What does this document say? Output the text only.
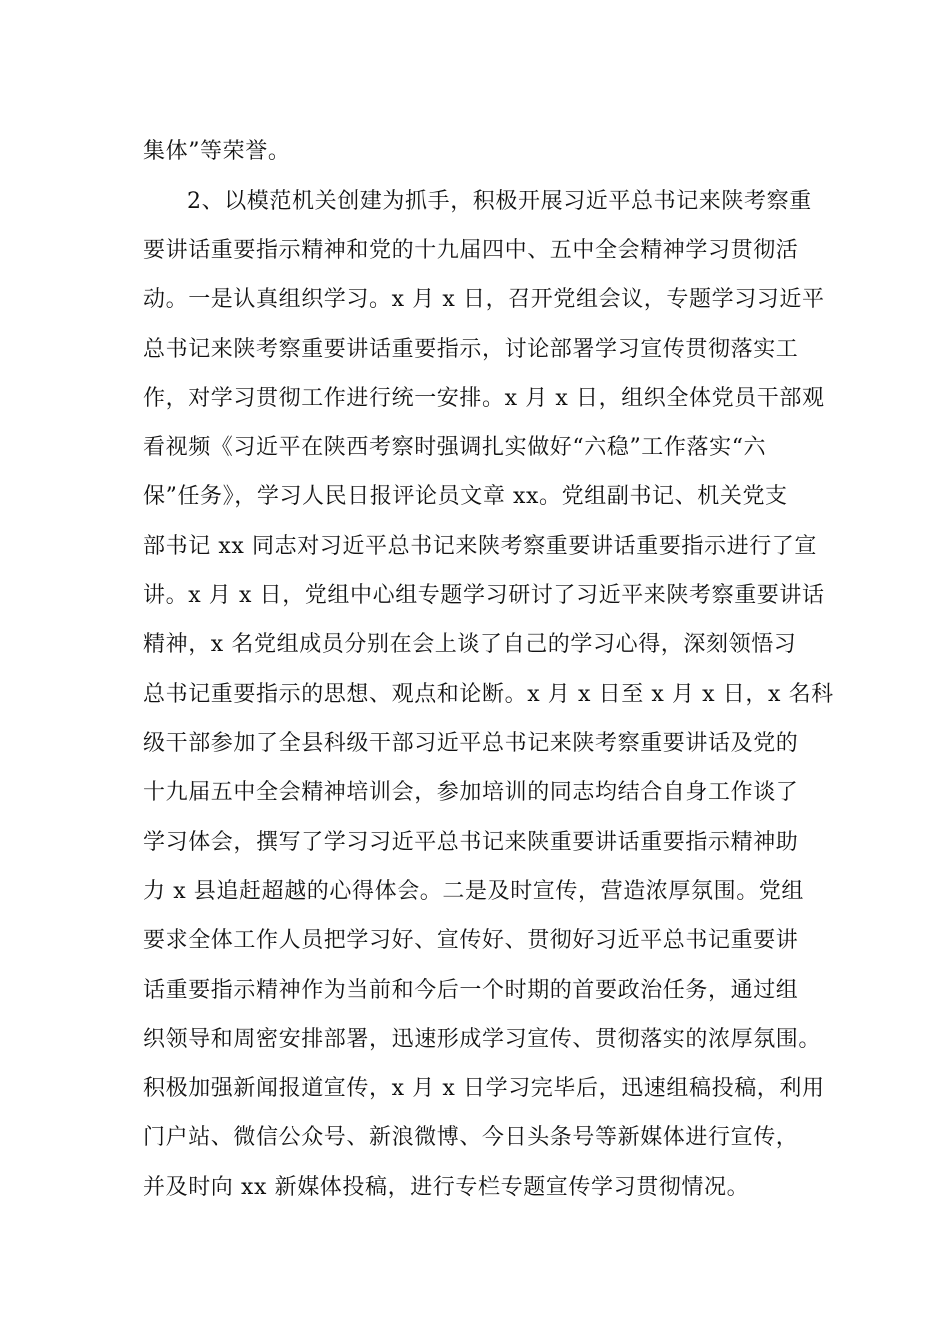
集体”等荣誉。
2、以模范机关创建为抓手，积极开展习近平总书记来陕考察重
要讲话重要指示精神和党的十九届四中、五中全会精神学习贯彻活
动。一是认真组织学习。x 月 x 日，召开党组会议，专题学习习近平
总书记来陕考察重要讲话重要指示，讨论部署学习宣传贯彻落实工
作，对学习贯彻工作进行统一安排。x 月 x 日，组织全体党员干部观
看视频《习近平在陕西考察时强调扎实做好“六稳”工作落实“六
保”任务》，学习人民日报评论员文章 xx。党组副书记、机关党支
部书记 xx 同志对习近平总书记来陕考察重要讲话重要指示进行了宣
讲。x 月 x 日，党组中心组专题学习研讨了习近平来陕考察重要讲话
精神，x 名党组成员分别在会上谈了自己的学习心得，深刻领悟习
总书记重要指示的思想、观点和论断。x 月 x 日至 x 月 x 日，x 名科
级干部参加了全县科级干部习近平总书记来陕考察重要讲话及党的
十九届五中全会精神培训会，参加培训的同志均结合自身工作谈了
学习体会，撰写了学习习近平总书记来陕重要讲话重要指示精神助
力 x 县追赶超越的心得体会。二是及时宣传，营造浓厚氛围。党组
要求全体工作人员把学习好、宣传好、贯彻好习近平总书记重要讲
话重要指示精神作为当前和今后一个时期的首要政治任务，通过组
织领导和周密安排部署，迅速形成学习宣传、贯彻落实的浓厚氛围。
积极加强新闻报道宣传，x 月 x 日学习完毕后，迅速组稿投稿，利用
门户站、微信公众号、新浪微博、今日头条号等新媒体进行宣传，
并及时向 xx 新媒体投稿，进行专栏专题宣传学习贯彻情况。
